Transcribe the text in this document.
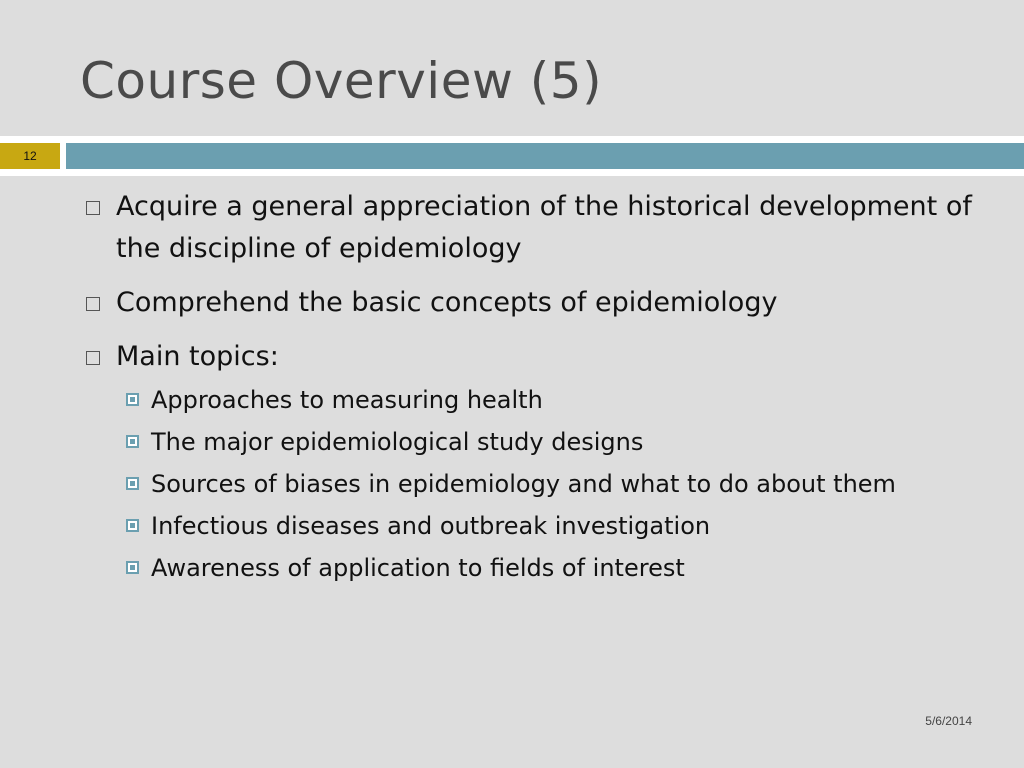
Course Overview (5)
12
Acquire a general appreciation of the historical development of the discipline of epidemiology
Comprehend the basic concepts of epidemiology
Main topics:
Approaches to measuring health
The major epidemiological study designs
Sources of biases in epidemiology and what to do about them
Infectious diseases and outbreak investigation
Awareness of application to fields of interest
5/6/2014
